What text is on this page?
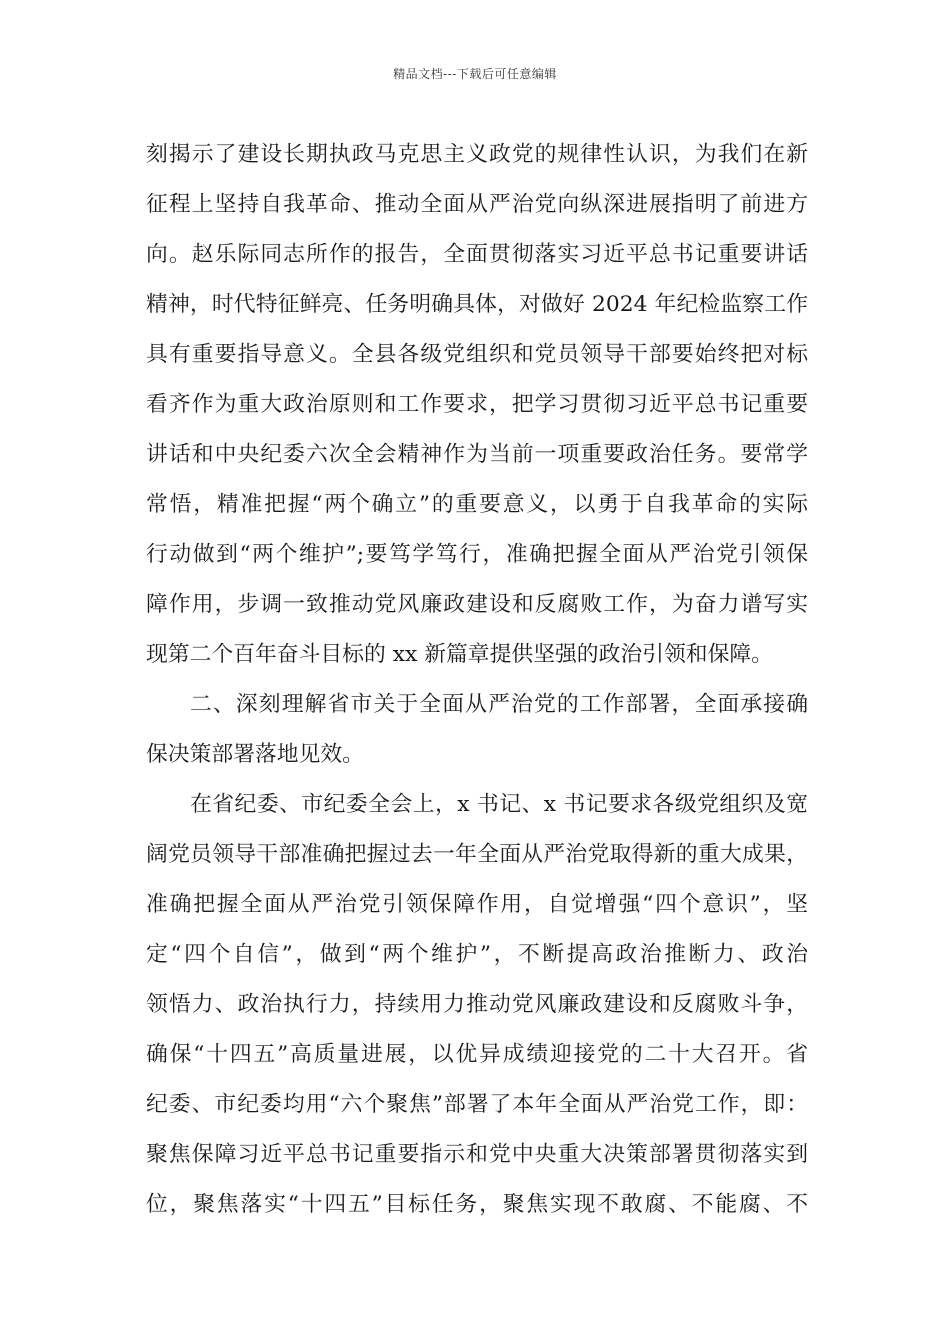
精品文档---下载后可任意编辑
刻揭示了建设长期执政马克思主义政党的规律性认识，为我们在新
征程上坚持自我革命、推动全面从严治党向纵深进展指明了前进方
向。赵乐际同志所作的报告，全面贯彻落实习近平总书记重要讲话
精神，时代特征鲜亮、任务明确具体，对做好 2024 年纪检监察工作
具有重要指导意义。全县各级党组织和党员领导干部要始终把对标
看齐作为重大政治原则和工作要求，把学习贯彻习近平总书记重要
讲话和中央纪委六次全会精神作为当前一项重要政治任务。要常学
常悟，精准把握“两个确立”的重要意义，以勇于自我革命的实际
行动做到“两个维护”;要笃学笃行，准确把握全面从严治党引领保
障作用，步调一致推动党风廉政建设和反腐败工作，为奋力谱写实
现第二个百年奋斗目标的 xx 新篇章提供坚强的政治引领和保障。
二、深刻理解省市关于全面从严治党的工作部署，全面承接确
保决策部署落地见效。
在省纪委、市纪委全会上，x 书记、x 书记要求各级党组织及宽
阔党员领导干部准确把握过去一年全面从严治党取得新的重大成果，
准确把握全面从严治党引领保障作用，自觉增强“四个意识”，坚
定“四个自信”，做到“两个维护”，不断提高政治推断力、政治
领悟力、政治执行力，持续用力推动党风廉政建设和反腐败斗争，
确保“十四五”高质量进展，以优异成绩迎接党的二十大召开。省
纪委、市纪委均用“六个聚焦”部署了本年全面从严治党工作，即：
聚焦保障习近平总书记重要指示和党中央重大决策部署贯彻落实到
位，聚焦落实“十四五”目标任务，聚焦实现不敢腐、不能腐、不
